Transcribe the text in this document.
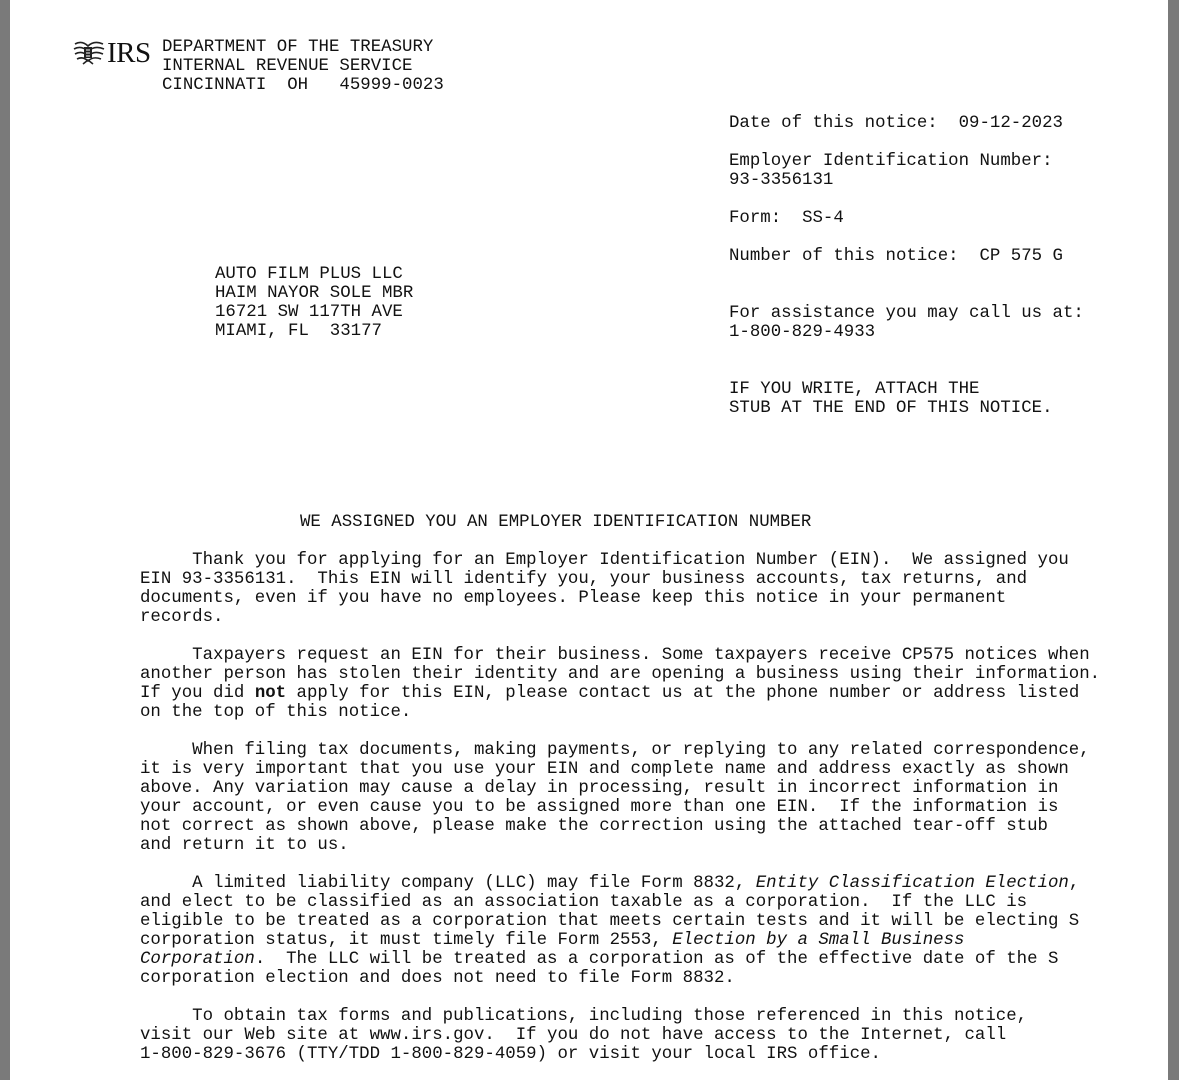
IRS DEPARTMENT OF THE TREASURY
INTERNAL REVENUE SERVICE
CINCINNATI  OH   45999-0023
Date of this notice: 09-12-2023
Employer Identification Number:
93-3356131
Form: SS-4
Number of this notice: CP 575 G
For assistance you may call us at:
1-800-829-4933
IF YOU WRITE, ATTACH THE
STUB AT THE END OF THIS NOTICE.
AUTO FILM PLUS LLC
HAIM NAYOR SOLE MBR
16721 SW 117TH AVE
MIAMI, FL  33177
WE ASSIGNED YOU AN EMPLOYER IDENTIFICATION NUMBER
Thank you for applying for an Employer Identification Number (EIN).  We assigned you
EIN 93-3356131.  This EIN will identify you, your business accounts, tax returns, and
documents, even if you have no employees. Please keep this notice in your permanent
records.
Taxpayers request an EIN for their business. Some taxpayers receive CP575 notices when
another person has stolen their identity and are opening a business using their information.
If you did not apply for this EIN, please contact us at the phone number or address listed
on the top of this notice.
When filing tax documents, making payments, or replying to any related correspondence,
it is very important that you use your EIN and complete name and address exactly as shown
above. Any variation may cause a delay in processing, result in incorrect information in
your account, or even cause you to be assigned more than one EIN.  If the information is
not correct as shown above, please make the correction using the attached tear-off stub
and return it to us.
A limited liability company (LLC) may file Form 8832, Entity Classification Election,
and elect to be classified as an association taxable as a corporation.  If the LLC is
eligible to be treated as a corporation that meets certain tests and it will be electing S
corporation status, it must timely file Form 2553, Election by a Small Business
Corporation.  The LLC will be treated as a corporation as of the effective date of the S
corporation election and does not need to file Form 8832.
To obtain tax forms and publications, including those referenced in this notice,
visit our Web site at www.irs.gov.  If you do not have access to the Internet, call
1-800-829-3676 (TTY/TDD 1-800-829-4059) or visit your local IRS office.
